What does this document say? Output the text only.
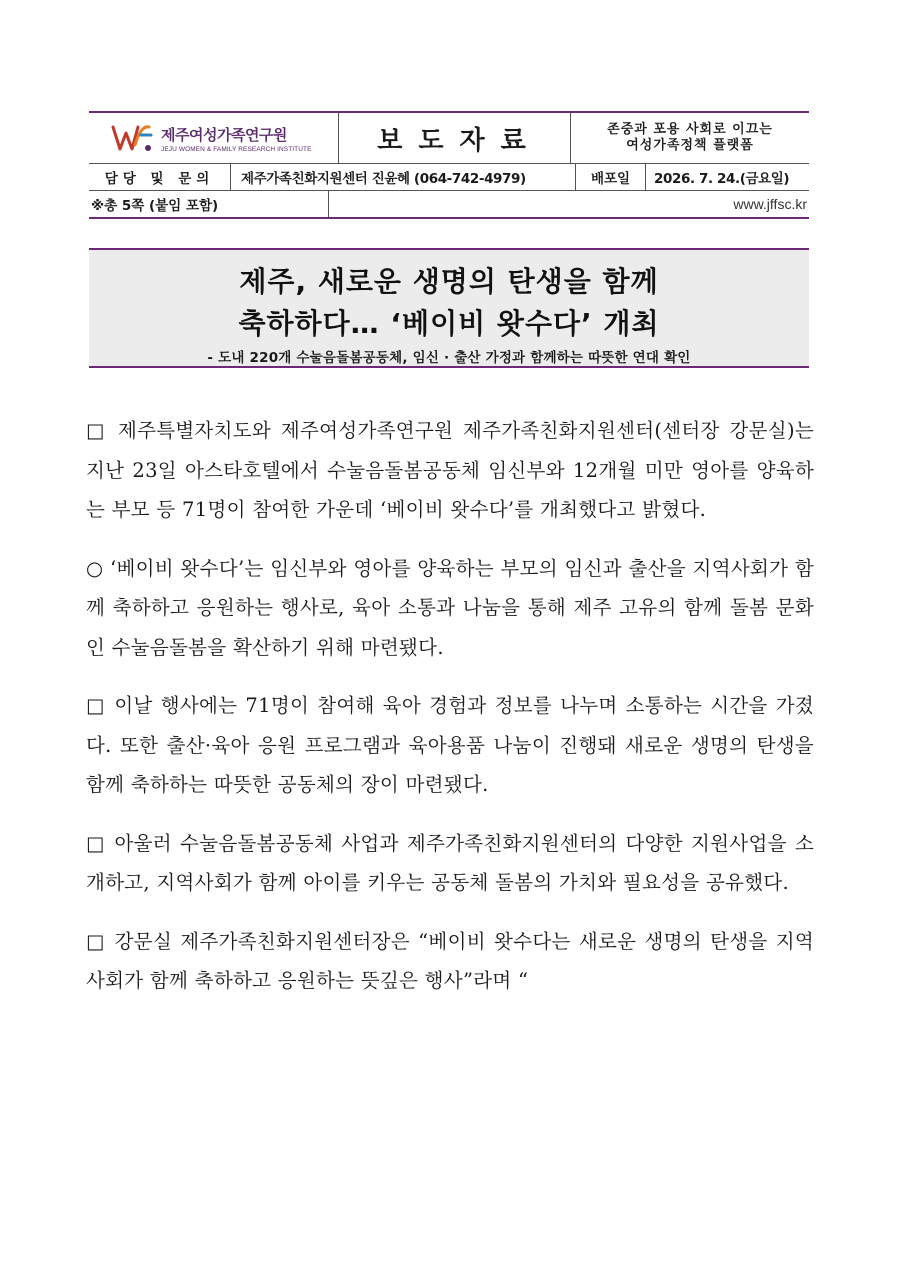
제주여성가족연구원
JEJU WOMEN & FAMILY RESEARCH INSTITUTE	보도자료	존중과 포용 사회로 이끄는
여성가족정책 플랫폼
담당 및 문의	제주가족친화지원센터 진윤혜 (064-742-4979)	배포일	2026. 7. 24.(금요일)
※총 5쪽 (붙임 포함)	www.jffsc.kr
제주, 새로운 생명의 탄생을 함께
축하하다… ‘베이비 왓수다’ 개최
- 도내 220개 수눌음돌봄공동체, 임신 · 출산 가정과 함께하는 따뜻한 연대 확인

□ 제주특별자치도와 제주여성가족연구원 제주가족친화지원센터(센터장 강문실)는 지난 23일 아스타호텔에서 수눌음돌봄공동체 임신부와 12개월 미만 영아를 양육하는 부모 등 71명이 참여한 가운데 ‘베이비 왓수다’를 개최했다고 밝혔다.

○ ‘베이비 왓수다’는 임신부와 영아를 양육하는 부모의 임신과 출산을 지역사회가 함께 축하하고 응원하는 행사로, 육아 소통과 나눔을 통해 제주 고유의 함께 돌봄 문화인 수눌음돌봄을 확산하기 위해 마련됐다.

□ 이날 행사에는 71명이 참여해 육아 경험과 정보를 나누며 소통하는 시간을 가졌다. 또한 출산·육아 응원 프로그램과 육아용품 나눔이 진행돼 새로운 생명의 탄생을 함께 축하하는 따뜻한 공동체의 장이 마련됐다.

□ 아울러 수눌음돌봄공동체 사업과 제주가족친화지원센터의 다양한 지원사업을 소개하고, 지역사회가 함께 아이를 키우는 공동체 돌봄의 가치와 필요성을 공유했다.

□ 강문실 제주가족친화지원센터장은 “베이비 왓수다는 새로운 생명의 탄생을 지역사회가 함께 축하하고 응원하는 뜻깊은 행사”라며 “
